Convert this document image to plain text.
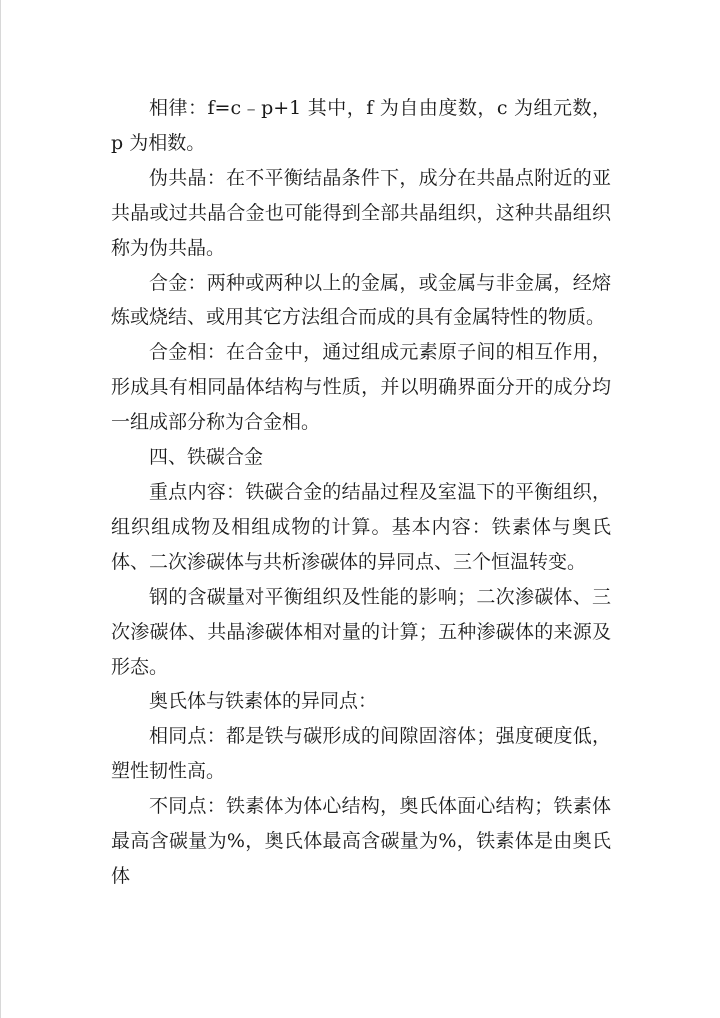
相律：f=c﹣p+1 其中，f 为自由度数，c 为组元数，p 为相数。

伪共晶：在不平衡结晶条件下，成分在共晶点附近的亚共晶或过共晶合金也可能得到全部共晶组织，这种共晶组织称为伪共晶。

合金：两种或两种以上的金属，或金属与非金属，经熔炼或烧结、或用其它方法组合而成的具有金属特性的物质。

合金相：在合金中，通过组成元素原子间的相互作用，形成具有相同晶体结构与性质，并以明确界面分开的成分均一组成部分称为合金相。

四、铁碳合金

重点内容：铁碳合金的结晶过程及室温下的平衡组织，组织组成物及相组成物的计算。基本内容：铁素体与奥氏体、二次渗碳体与共析渗碳体的异同点、三个恒温转变。

钢的含碳量对平衡组织及性能的影响；二次渗碳体、三次渗碳体、共晶渗碳体相对量的计算；五种渗碳体的来源及形态。

奥氏体与铁素体的异同点：

相同点：都是铁与碳形成的间隙固溶体；强度硬度低，塑性韧性高。

不同点：铁素体为体心结构，奥氏体面心结构；铁素体最高含碳量为%，奥氏体最高含碳量为%，铁素体是由奥氏体
